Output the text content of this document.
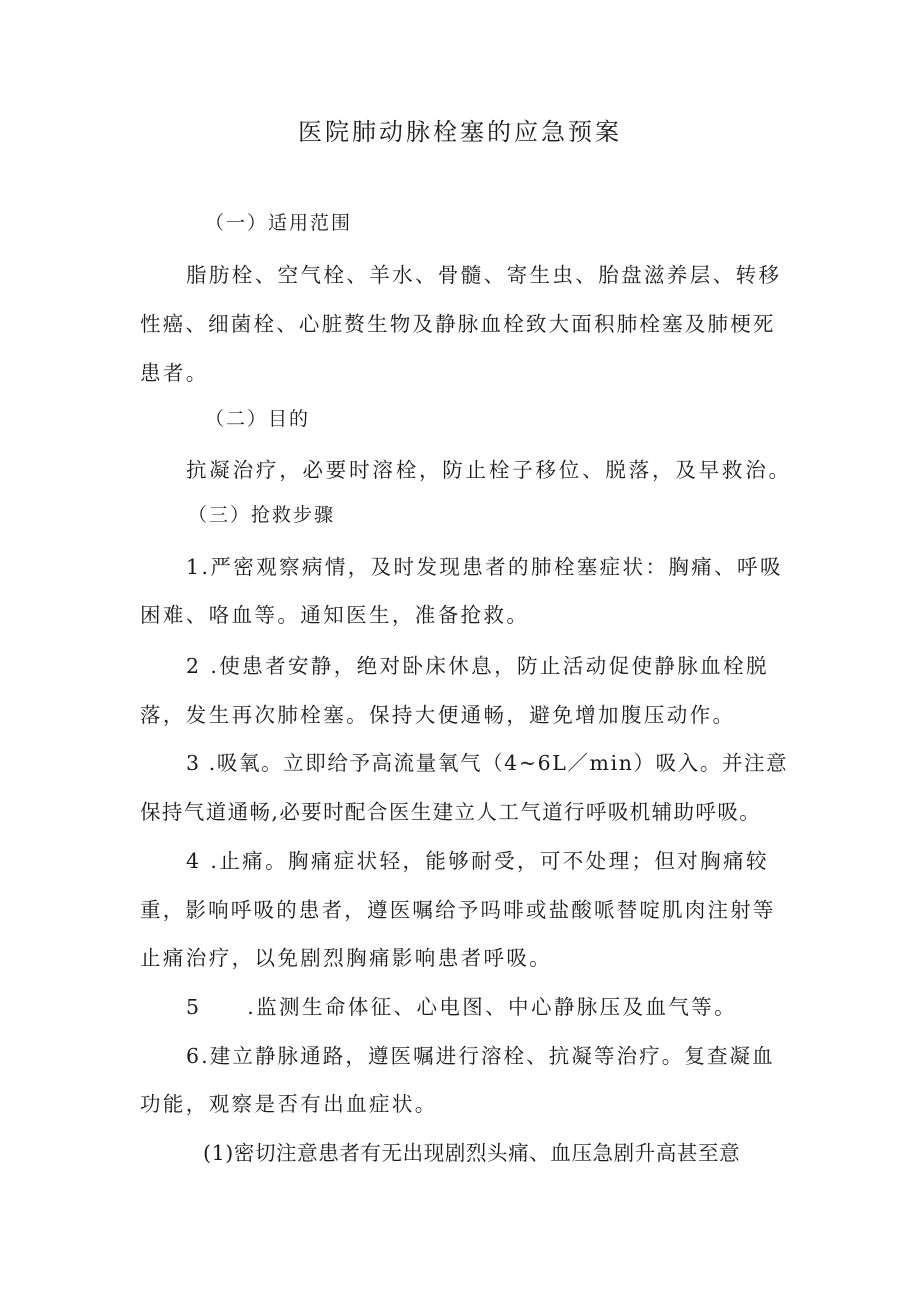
医院肺动脉栓塞的应急预案
（一）适用范围
脂肪栓、空气栓、羊水、骨髓、寄生虫、胎盘滋养层、转移
性癌、细菌栓、心脏赘生物及静脉血栓致大面积肺栓塞及肺梗死
患者。
（二）目的
抗凝治疗，必要时溶栓，防止栓子移位、脱落，及早救治。
（三）抢救步骤
1.严密观察病情，及时发现患者的肺栓塞症状：胸痛、呼吸
困难、咯血等。通知医生，准备抢救。
2 .使患者安静，绝对卧床休息，防止活动促使静脉血栓脱
落，发生再次肺栓塞。保持大便通畅，避免增加腹压动作。
3 .吸氧。立即给予高流量氧气（4~6L／min）吸入。并注意
保持气道通畅,必要时配合医生建立人工气道行呼吸机辅助呼吸。
4 .止痛。胸痛症状轻，能够耐受，可不处理；但对胸痛较
重，影响呼吸的患者，遵医嘱给予吗啡或盐酸哌替啶肌肉注射等
止痛治疗，以免剧烈胸痛影响患者呼吸。
5　　.监测生命体征、心电图、中心静脉压及血气等。
6.建立静脉通路，遵医嘱进行溶栓、抗凝等治疗。复查凝血
功能，观察是否有出血症状。
(1)密切注意患者有无出现剧烈头痛、血压急剧升高甚至意
